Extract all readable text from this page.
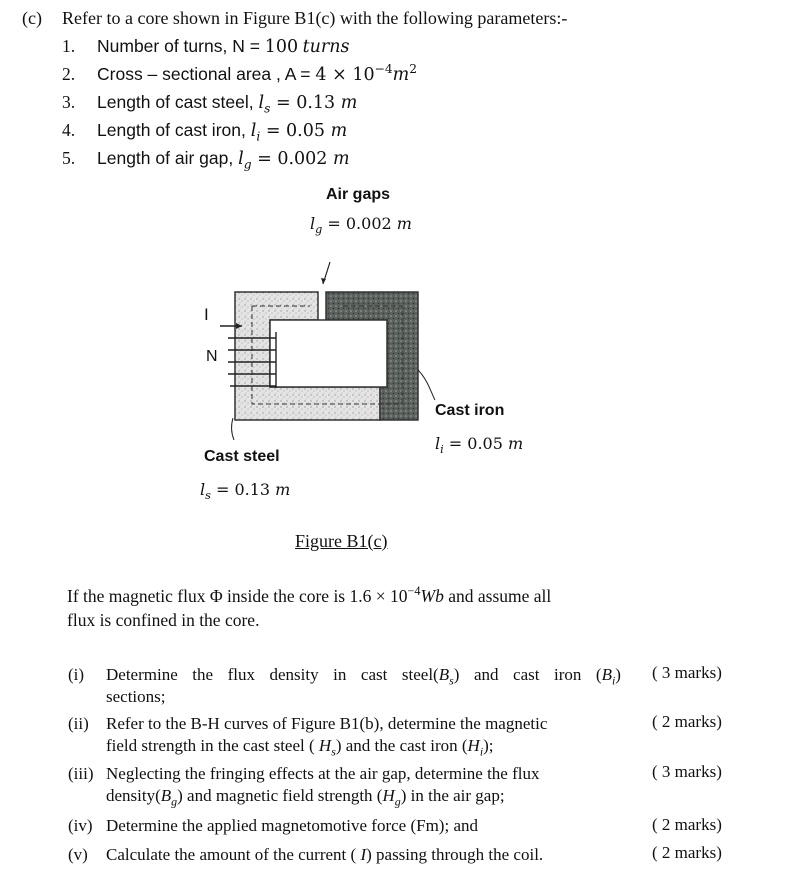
(c) Refer to a core shown in Figure B1(c) with the following parameters:-
1. Number of turns, N = 100 turns
2. Cross – sectional area , $A = 4 \times 10^{-4}m^2$
3. Length of cast steel, $l_s = 0.13$ m
4. Length of cast iron, $l_i = 0.05$ m
5. Length of air gap, $l_g = 0.002$ m
Air gaps
$l_g = 0.002$ m
I
N
Cast iron
$l_i = 0.05$ m
Cast steel
$l_s = 0.13$ m
Figure B1(c)
If the magnetic flux Φ inside the core is $1.6 \times 10^{-4}Wb$ and assume all
flux is confined in the core.
(i) Determine the flux density in cast $steel(B_s)$ and cast iron $(B_i)$
sections;
( 3 marks)
(ii) Refer to the B-H curves of Figure B1(b), determine the magnetic
field strength in the cast steel ( $H_s$) and the cast iron $(H_i)$;
( 2 marks)
(iii) Neglecting the fringing effects at the air gap, determine the flux
$density(B_g)$ and magnetic field strength $(H_g)$ in the air gap;
( 3 marks)
(iv) Determine the applied magnetomotive force (Fm); and	( 2 marks)
(v) Calculate the amount of the current ( I) passing through the coil.	( 2 marks)
